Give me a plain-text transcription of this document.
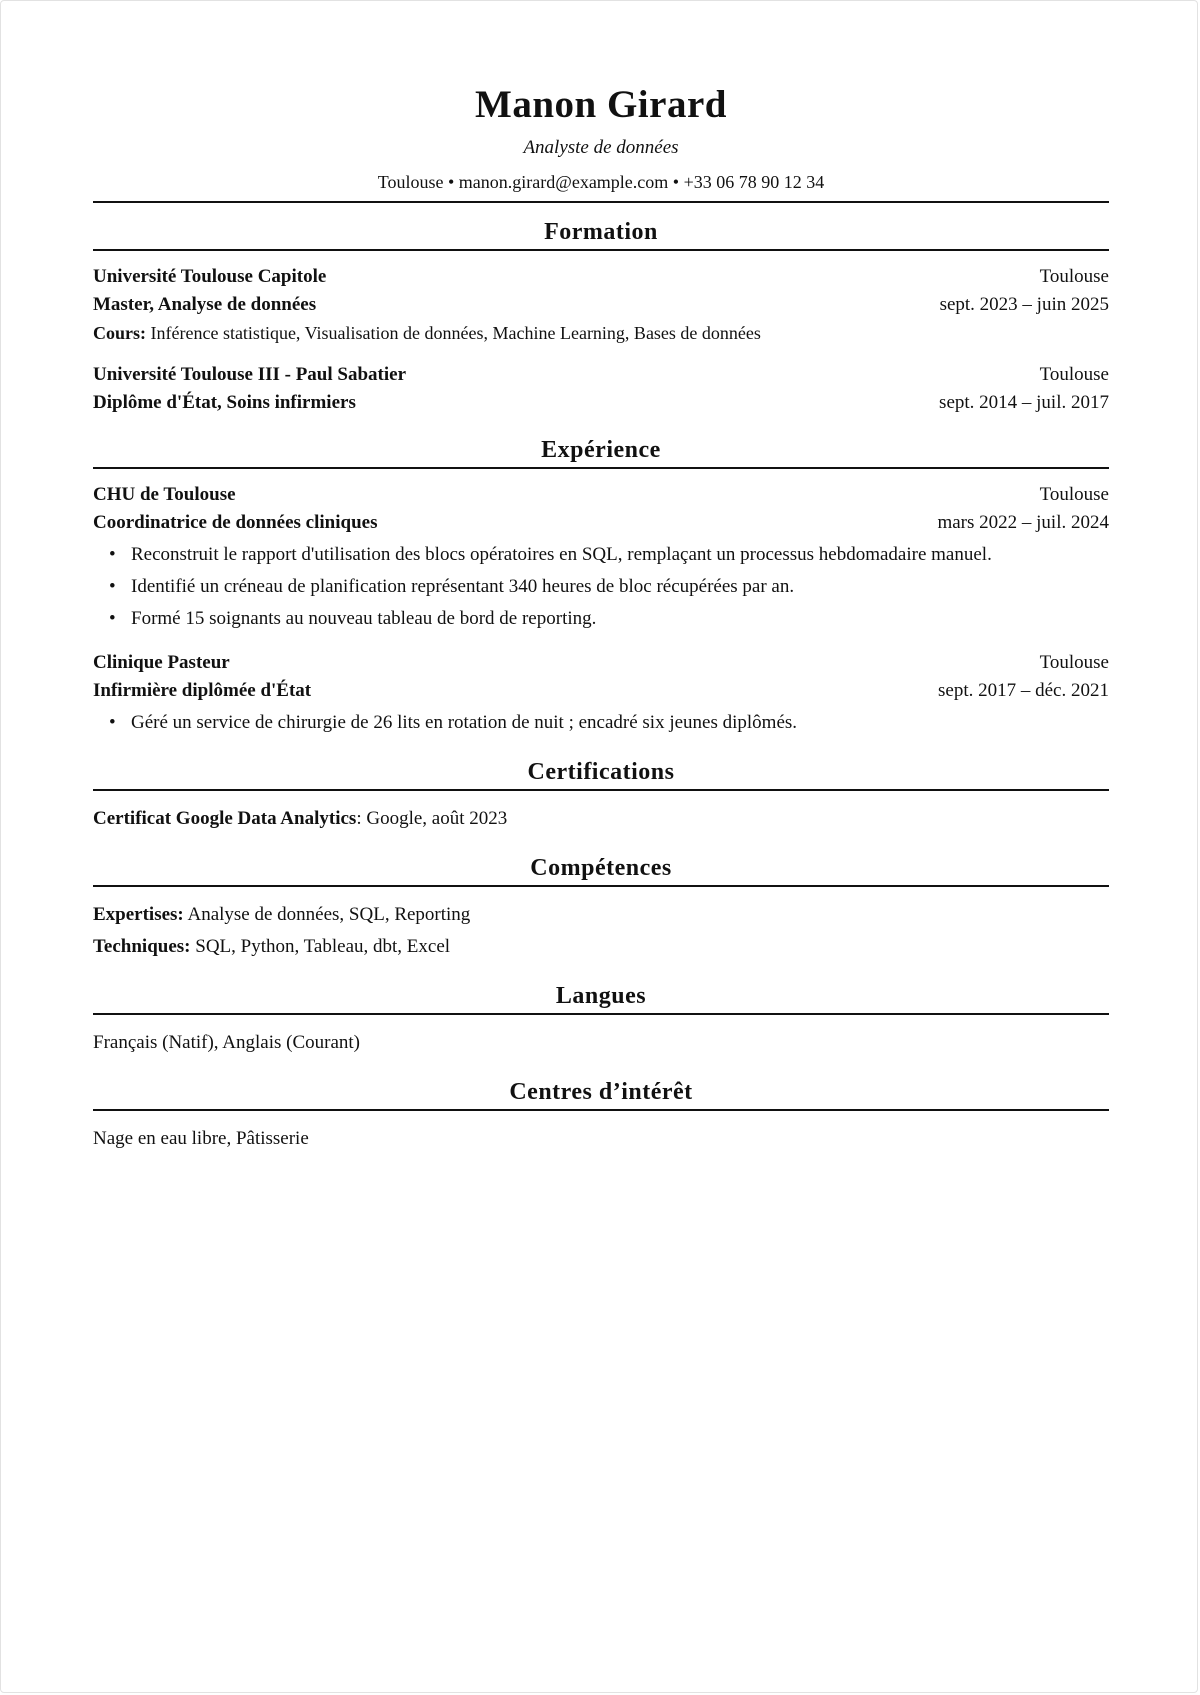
Manon Girard
Analyste de données
Toulouse • manon.girard@example.com • +33 06 78 90 12 34
Formation
Université Toulouse Capitole	Toulouse
Master, Analyse de données	sept. 2023 – juin 2025
Cours: Inférence statistique, Visualisation de données, Machine Learning, Bases de données
Université Toulouse III - Paul Sabatier	Toulouse
Diplôme d'État, Soins infirmiers	sept. 2014 – juil. 2017
Expérience
CHU de Toulouse	Toulouse
Coordinatrice de données cliniques	mars 2022 – juil. 2024
• Reconstruit le rapport d'utilisation des blocs opératoires en SQL, remplaçant un processus hebdomadaire manuel.
• Identifié un créneau de planification représentant 340 heures de bloc récupérées par an.
• Formé 15 soignants au nouveau tableau de bord de reporting.
Clinique Pasteur	Toulouse
Infirmière diplômée d'État	sept. 2017 – déc. 2021
• Géré un service de chirurgie de 26 lits en rotation de nuit ; encadré six jeunes diplômés.
Certifications
Certificat Google Data Analytics: Google, août 2023
Compétences
Expertises: Analyse de données, SQL, Reporting
Techniques: SQL, Python, Tableau, dbt, Excel
Langues
Français (Natif), Anglais (Courant)
Centres d’intérêt
Nage en eau libre, Pâtisserie
